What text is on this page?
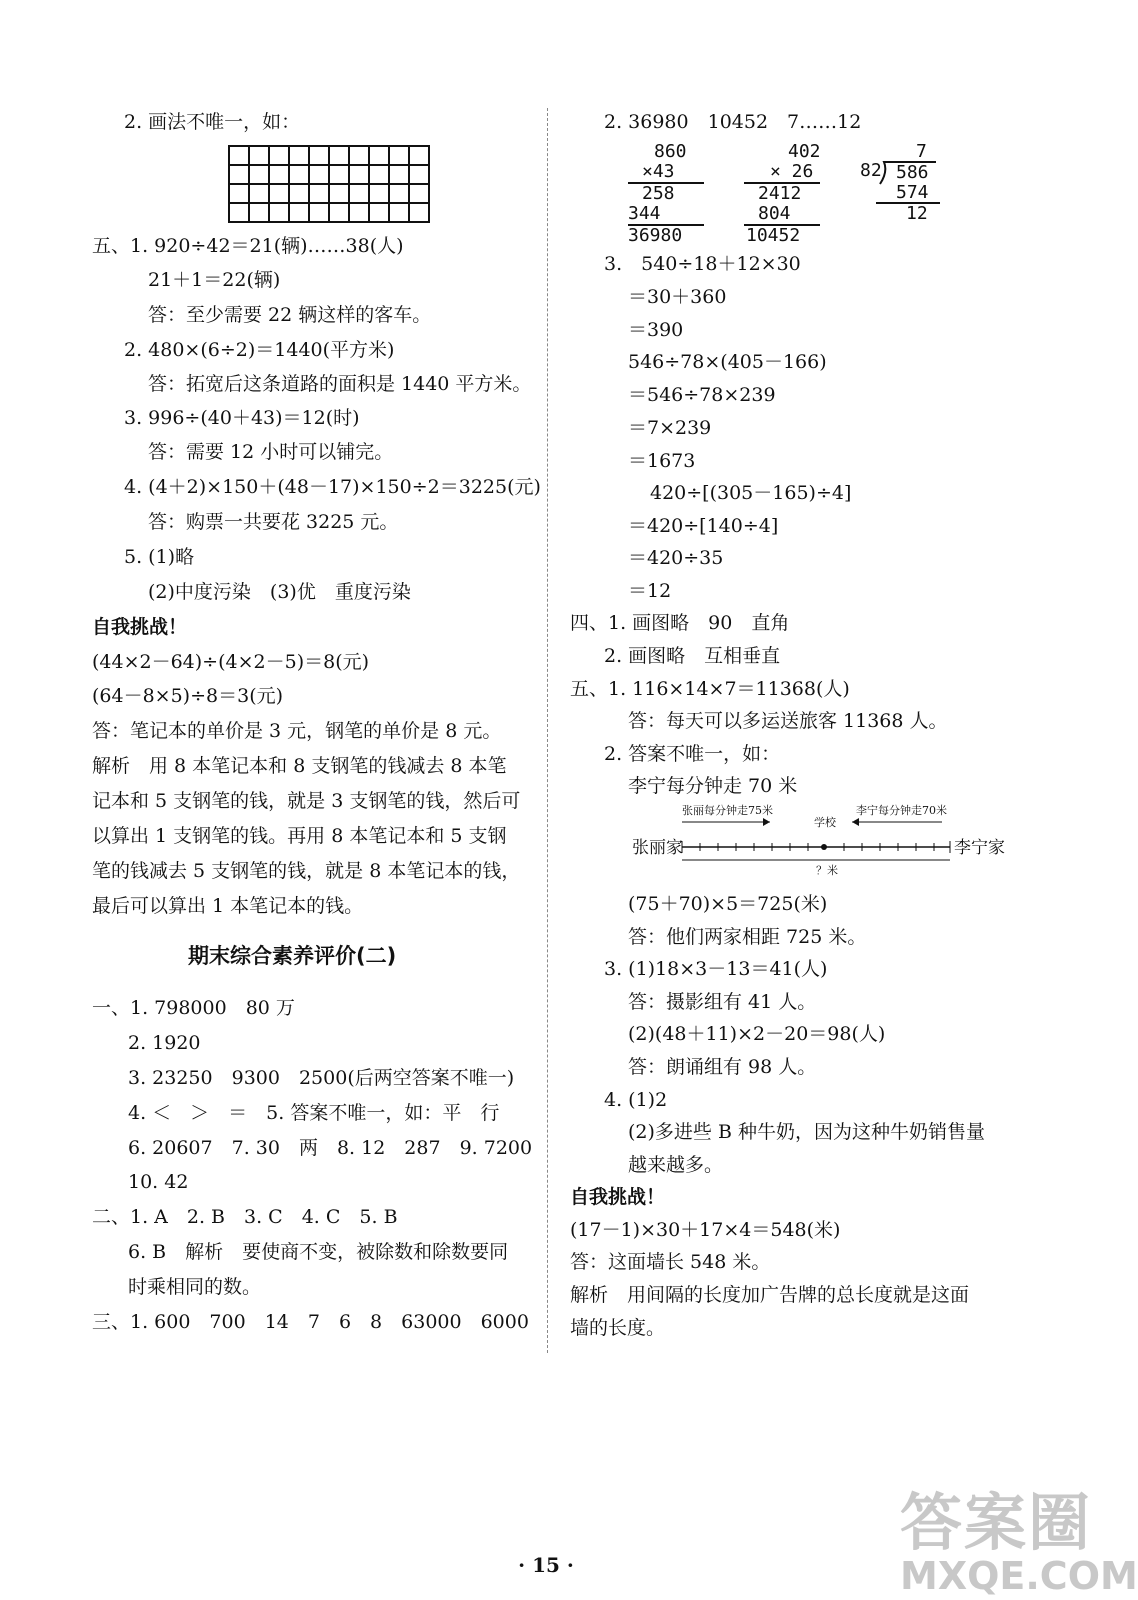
2. 画法不唯一，如：

五、1. 920÷42＝21(辆)……38(人)
21＋1＝22(辆)
答：至少需要 22 辆这样的客车。
2. 480×(6÷2)＝1440(平方米)
答：拓宽后这条道路的面积是 1440 平方米。
3. 996÷(40＋43)＝12(时)
答：需要 12 小时可以铺完。
4. (4＋2)×150＋(48－17)×150÷2＝3225(元)
答：购票一共要花 3225 元。
5. (1)略
(2)中度污染　(3)优　重度污染
自我挑战！
(44×2－64)÷(4×2－5)＝8(元)
(64－8×5)÷8＝3(元)
答：笔记本的单价是 3 元，钢笔的单价是 8 元。
解析　用 8 本笔记本和 8 支钢笔的钱减去 8 本笔
记本和 5 支钢笔的钱，就是 3 支钢笔的钱，然后可
以算出 1 支钢笔的钱。再用 8 本笔记本和 5 支钢
笔的钱减去 5 支钢笔的钱，就是 8 本笔记本的钱，
最后可以算出 1 本笔记本的钱。
期末综合素养评价(二)
一、1. 798000　80 万
2. 1920
3. 23250　9300　2500(后两空答案不唯一)
4. ＜　＞　＝　5. 答案不唯一，如：平　行
6. 20607　7. 30　两　8. 12　287　9. 7200
10. 42
二、1. A　2. B　3. C　4. C　5. B
6. B　解析　要使商不变，被除数和除数要同
时乘相同的数。
三、1. 600　700　14　7　6　8　63000　6000
2. 36980　10452　7……12
860
×43
258
344
36980
402
× 26
2412
804
10452
7
82 586
574
12
3.　540÷18＋12×30
＝30＋360
＝390
546÷78×(405－166)
＝546÷78×239
＝7×239
＝1673
420÷[(305－165)÷4]
＝420÷[140÷4]
＝420÷35
＝12
四、1. 画图略　90　直角
2. 画图略　互相垂直
五、1. 116×14×7＝11368(人)
答：每天可以多运送旅客 11368 人。
2. 答案不唯一，如：
李宁每分钟走 70 米
张丽家	李宁家
学校
张丽每分钟走75米	李宁每分钟走70米
？米
(75＋70)×5＝725(米)
答：他们两家相距 725 米。
3. (1)18×3－13＝41(人)
答：摄影组有 41 人。
(2)(48＋11)×2－20＝98(人)
答：朗诵组有 98 人。
4. (1)2
(2)多进些 B 种牛奶，因为这种牛奶销售量
越来越多。
自我挑战！
(17－1)×30＋17×4＝548(米)
答：这面墙长 548 米。
解析　用间隔的长度加广告牌的总长度就是这面
墙的长度。
· 15 ·
答案圈
MXQE.COM
